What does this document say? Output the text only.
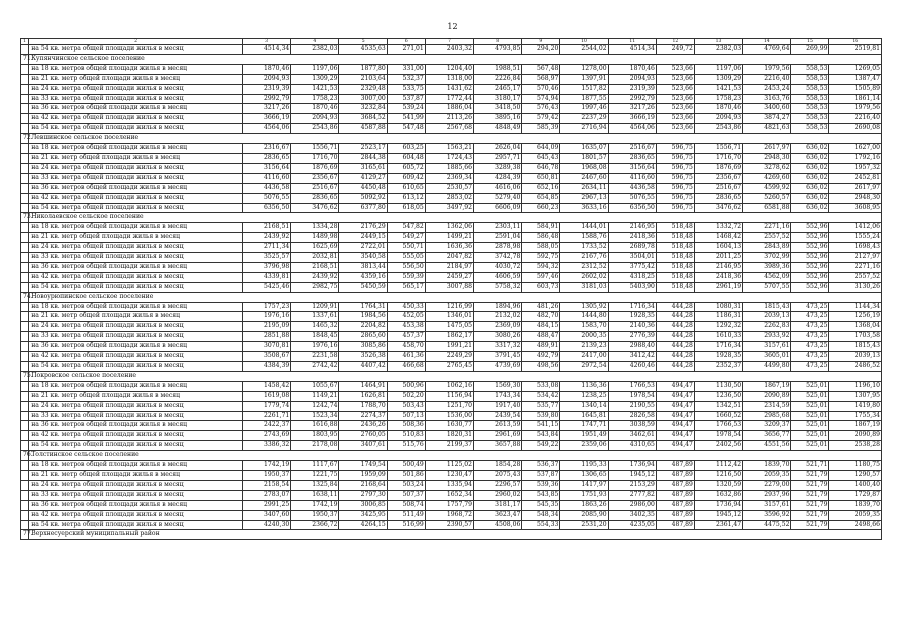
12
1	2	3	4	5	6	7	8	9	10	11	12	13	14	15	16
	на 54 кв. метра общей площади жилья в месяц	4514,34	2382,03	4535,63	271,01	2403,32	4793,85	294,20	2544,02	4514,34	249,72	2382,03	4769,64	269,99	2519,81
71.	Купянчинское сельское поселение														
	на 18 кв. метров общей площади жилья в месяц	1870,46	1197,06	1877,80	331,00	1204,40	1988,51	567,48	1278,00	1870,46	523,66	1197,06	1979,56	558,53	1269,05
	на 21 кв. метр общей площади жилья в месяц	2094,93	1309,29	2103,64	532,37	1318,00	2226,84	568,97	1397,91	2094,93	523,66	1309,29	2216,40	558,53	1387,47
	на 24 кв. метра общей площади жилья в месяц	2319,39	1421,53	2329,48	533,75	1431,62	2465,17	570,46	1517,82	2319,39	523,66	1421,53	2453,24	558,53	1505,89
	на 33 кв. метра общей площади жилья в месяц	2992,79	1758,23	3007,00	537,87	1772,44	3180,17	574,94	1877,55	2992,79	523,66	1758,23	3163,76	558,53	1861,14
	на 36 кв. метров общей площади жилья в месяц	3217,26	1870,46	3232,84	539,24	1886,04	3418,50	576,43	1997,46	3217,26	523,66	1870,46	3400,60	558,53	1979,56
	на 42 кв. метра общей площади жилья в месяц	3666,19	2094,93	3684,52	541,99	2113,26	3895,16	579,42	2237,29	3666,19	523,66	2094,93	3874,27	558,53	2216,40
	на 54 кв. метра общей площади жилья в месяц	4564,06	2543,86	4587,88	547,48	2567,68	4848,49	585,39	2716,94	4564,06	523,66	2543,86	4821,63	558,53	2690,08
72.	Левшинское сельское поселение														
	на 18 кв. метров общей площади жилья в месяц	2316,67	1556,71	2523,17	603,25	1563,21	2626,04	644,09	1635,07	2516,67	596,75	1556,71	2617,97	636,02	1627,00
	на 21 кв. метр общей площади жилья в месяц	2836,65	1716,70	2844,38	604,48	1724,43	2957,71	645,43	1801,57	2836,65	596,75	1716,70	2948,30	636,02	1792,16
	на 24 кв. метра общей площади жилья в месяц	3156,64	1876,69	3165,61	605,72	1885,66	3289,38	646,78	1968,08	3156,64	596,75	1876,69	3278,62	636,02	1957,32
	на 33 кв. метра общей площади жилья в месяц	4116,60	2356,67	4129,27	609,42	2369,34	4284,39	650,81	2467,60	4116,60	596,75	2356,67	4269,60	636,02	2452,81
	на 36 кв. метров общей площади жилья в месяц	4436,58	2516,67	4450,48	610,65	2530,57	4616,06	652,16	2634,11	4436,58	596,75	2516,67	4599,92	636,02	2617,97
	на 42 кв. метра общей площади жилья в месяц	5076,55	2836,65	5092,92	613,12	2853,02	5279,40	654,85	2967,13	5076,55	596,75	2836,65	5260,57	636,02	2948,30
	на 54 кв. метра общей площади жилья в месяц	6356,50	3476,62	6377,80	618,05	3497,92	6606,09	660,23	3633,16	6356,50	596,75	3476,62	6581,88	636,02	3608,95
73.	Николаевское сельское поселение														
	на 18 кв. метров общей площади жилья в месяц	2168,51	1334,28	2176,29	547,82	1362,06	2303,11	584,91	1444,01	2146,95	518,48	1332,72	2271,16	552,96	1412,06
	на 21 кв. метр общей площади жилья в месяц	2439,92	1489,98	2449,15	549,27	1499,21	2591,04	586,48	1588,76	2418,36	518,48	1468,42	2557,52	552,96	1555,24
	на 24 кв. метра общей площади жилья в месяц	2711,34	1625,69	2722,01	550,71	1636,36	2878,98	588,05	1733,52	2689,78	518,48	1604,13	2843,89	552,96	1698,43
	на 33 кв. метра общей площади жилья в месяц	3525,57	2032,81	3540,58	555,05	2047,82	3742,78	592,75	2167,76	3504,01	518,48	2011,25	3702,99	552,96	2127,97
	на 36 кв. метров общей площади жилья в месяц	3796,98	2168,51	3813,44	556,50	2184,97	4030,72	594,32	2312,52	3775,42	518,48	2146,95	3989,36	552,96	2271,16
	на 42 кв. метра общей площади жилья в месяц	4339,81	2439,92	4359,16	559,39	2459,27	4606,59	597,46	2602,02	4318,25	518,48	2418,36	4562,09	552,96	2557,52
	на 54 кв. метра общей площади жилья в месяц	5425,46	2982,75	5450,59	565,17	3007,88	5758,32	603,73	3181,03	5403,90	518,48	2961,19	5707,55	552,96	3130,26
74.	Новоурюпинское сельское поселение														
	на 18 кв. метров общей площади жилья в месяц	1757,23	1209,91	1764,31	450,33	1216,99	1894,96	481,26	1305,92	1716,34	444,28	1080,31	1815,43	473,25	1144,34
	на 21 кв. метр общей площади жилья в месяц	1976,16	1337,61	1984,56	452,05	1346,01	2132,02	482,70	1444,80	1928,35	444,28	1186,31	2039,13	473,25	1256,19
	на 24 кв. метра общей площади жилья в месяц	2195,09	1465,32	2204,82	453,38	1475,05	2369,09	484,15	1583,70	2140,36	444,28	1292,32	2262,83	473,25	1368,04
	на 33 кв. метра общей площади жилья в месяц	2851,88	1848,45	2865,60	457,37	1862,17	3080,26	488,47	2000,35	2776,39	444,28	1610,33	2933,92	473,25	1703,58
	на 36 кв. метров общей площади жилья в месяц	3070,81	1976,16	3085,86	458,70	1991,21	3317,32	489,91	2139,23	2988,40	444,28	1716,34	3157,61	473,25	1815,43
	на 42 кв. метра общей площади жилья в месяц	3508,67	2231,58	3526,38	461,36	2249,29	3791,45	492,79	2417,00	3412,42	444,28	1928,35	3605,01	473,25	2039,13
	на 54 кв. метра общей площади жилья в месяц	4384,39	2742,42	4407,42	466,68	2765,45	4739,69	498,56	2972,54	4260,46	444,28	2352,37	4499,80	473,25	2486,52
75.	Покровское сельское поселение														
	на 18 кв. метров общей площади жилья в месяц	1458,42	1055,67	1464,91	500,96	1062,16	1569,30	533,08	1136,36	1766,53	494,47	1130,50	1867,19	525,01	1196,10
	на 21 кв. метр общей площади жилья в месяц	1619,08	1149,21	1626,81	502,20	1156,94	1743,34	534,42	1238,25	1978,54	494,47	1236,50	2090,89	525,01	1307,95
	на 24 кв. метра общей площади жилья в месяц	1779,74	1242,74	1788,70	503,43	1251,70	1917,40	535,77	1340,14	2190,55	494,47	1342,51	2314,59	525,01	1419,80
	на 33 кв. метра общей площади жилья в месяц	2261,71	1523,34	2274,37	507,13	1536,00	2439,54	539,80	1645,81	2826,58	494,47	1660,52	2985,68	525,01	1755,34
	на 36 кв. метров общей площади жилья в месяц	2422,37	1616,88	2436,26	508,36	1630,77	2613,59	541,15	1747,71	3038,59	494,47	1766,53	3209,37	525,01	1867,19
	на 42 кв. метра общей площади жилья в месяц	2743,69	1803,95	2760,05	510,83	1820,31	2961,69	543,84	1951,49	3462,61	494,47	1978,54	3656,77	525,01	2090,89
	на 54 кв. метра общей площади жилья в месяц	3386,32	2178,08	3407,61	515,76	2199,37	3657,88	549,22	2359,06	4310,65	494,47	2402,56	4551,56	525,01	2538,28
76.	Толстинское сельское поселение														
	на 18 кв. метров общей площади жилья в месяц	1742,19	1117,67	1749,54	500,49	1125,02	1854,28	536,37	1195,33	1736,94	487,89	1112,42	1839,70	521,71	1180,75
	на 21 кв. метр общей площади жилья в месяц	1950,37	1221,75	1959,09	501,86	1230,47	2075,43	537,87	1306,65	1945,12	487,89	1216,50	2059,35	521,79	1290,57
	на 24 кв. метра общей площади жилья в месяц	2158,54	1325,84	2168,64	503,24	1335,94	2296,57	539,36	1417,97	2153,29	487,89	1320,59	2279,00	521,79	1400,40
	на 33 кв. метра общей площади жилья в месяц	2783,07	1638,11	2797,30	507,37	1652,34	2960,02	543,85	1751,93	2777,82	487,89	1632,86	2937,96	521,79	1729,87
	на 36 кв. метров общей площади жилья в месяц	2991,25	1742,19	3006,85	508,74	1757,79	3181,17	545,35	1863,26	2986,00	487,89	1736,94	3157,61	521,79	1839,70
	на 42 кв. метра общей площади жилья в месяц	3407,60	1950,37	3425,95	511,49	1968,72	3623,47	548,34	2085,90	3402,35	487,89	1945,12	3596,92	521,79	2059,35
	на 54 кв. метра общей площади жилья в месяц	4240,30	2366,72	4264,15	516,99	2390,57	4508,06	554,33	2531,20	4235,05	487,89	2361,47	4475,52	521,79	2498,66
77.	Верхнесуерский муниципальный район														
